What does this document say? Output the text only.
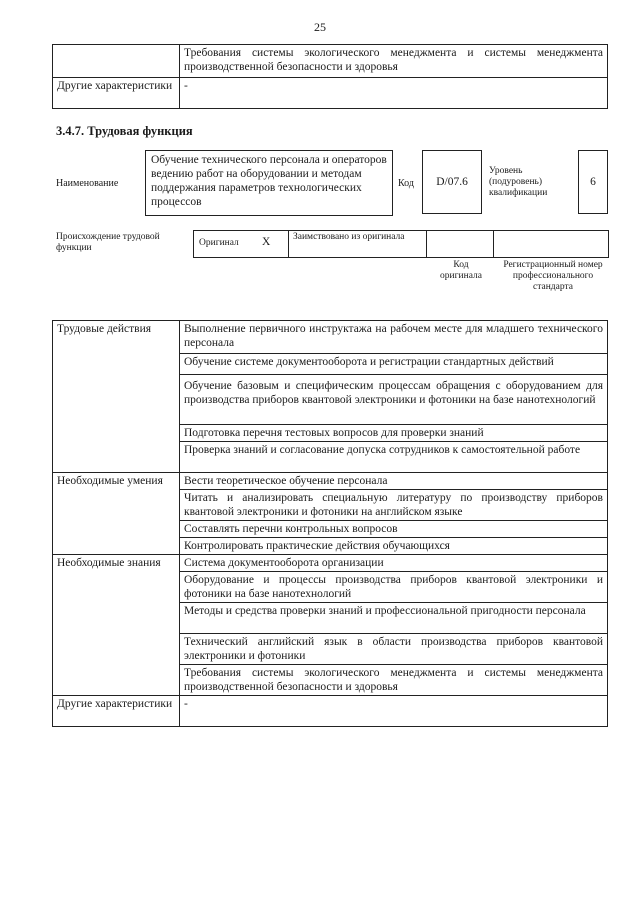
25
	Требования системы экологического менеджмента и системы менеджмента производственной безопасности и здоровья
Другие характеристики	-
3.4.7. Трудовая функция
Наименование
Обучение технического персонала и операторов ведению работ на оборудовании и методам поддержания параметров технологических процессов
Код	D/07.6
Уровень (подуровень) квалификации
6
Происхождение трудовой функции	Оригинал X Заимствовано из оригинала
Код оригинала
Регистрационный номер профессионального стандарта
Трудовые действия	Выполнение первичного инструктажа на рабочем месте для младшего технического персонала
	Обучение системе документооборота и регистрации стандартных действий
	Обучение базовым и специфическим процессам обращения с оборудованием для производства приборов квантовой электроники и фотоники на базе нанотехнологий
	Подготовка перечня тестовых вопросов для проверки знаний
	Проверка знаний и согласование допуска сотрудников к самостоятельной работе
Необходимые умения	Вести теоретическое обучение персонала
	Читать и анализировать специальную литературу по производству приборов квантовой электроники и фотоники на английском языке
	Составлять перечни контрольных вопросов
	Контролировать практические действия обучающихся
Необходимые знания	Система документооборота организации
	Оборудование и процессы производства приборов квантовой электроники и фотоники на базе нанотехнологий
	Методы и средства проверки знаний и профессиональной пригодности персонала
	Технический английский язык в области производства приборов квантовой электроники и фотоники
	Требования системы экологического менеджмента и системы менеджмента производственной безопасности и здоровья
Другие характеристики	-
